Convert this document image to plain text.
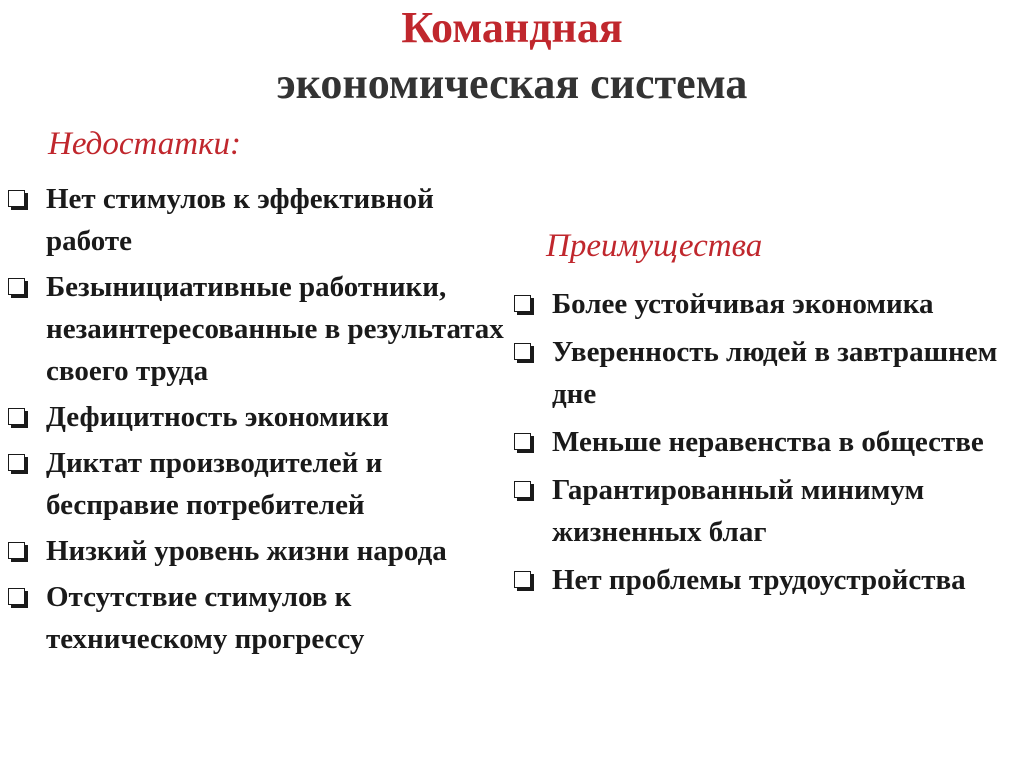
Командная
экономическая система
Недостатки:
Нет стимулов к эффективной работе
Безынициативные работники, незаинтересованные в результатах своего труда
Дефицитность экономики
Диктат производителей и бесправие потребителей
Низкий уровень жизни народа
Отсутствие стимулов к техническому прогрессу
Преимущества
Более устойчивая экономика
Уверенность людей в завтрашнем дне
Меньше неравенства в обществе
Гарантированный минимум жизненных благ
Нет проблемы трудоустройства
